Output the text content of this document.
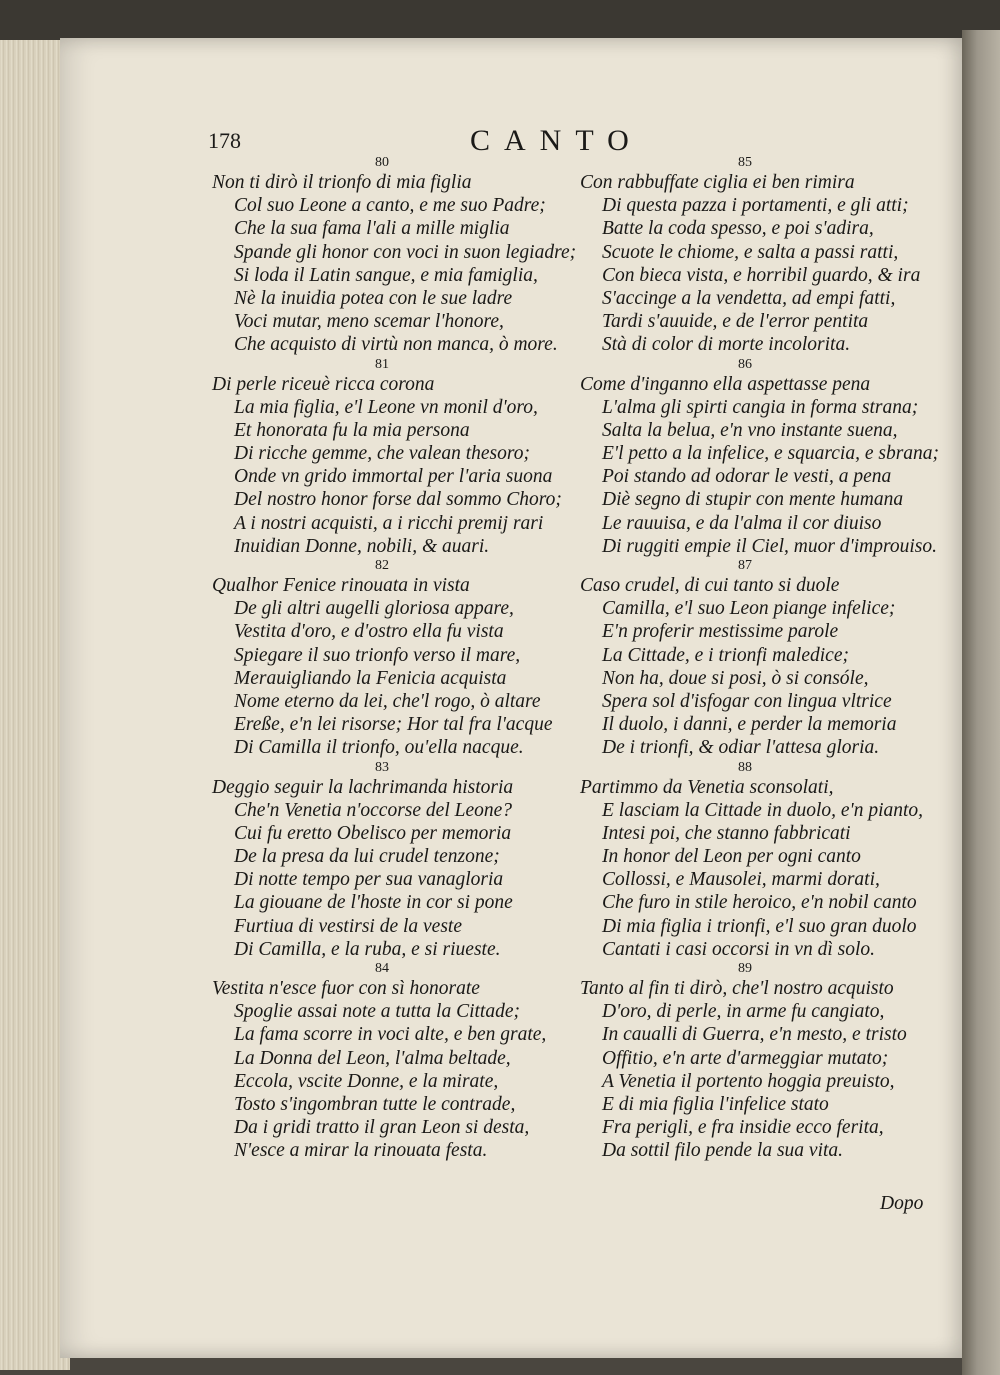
178	CANTO
80
Non ti dirò il trionfo di mia figlia
Col suo Leone a canto, e me suo Padre;
Che la sua fama l'ali a mille miglia
Spande gli honor con voci in suon legiadre;
Si loda il Latin sangue, e mia famiglia,
Nè la inuidia potea con le sue ladre
Voci mutar, meno scemar l'honore,
Che acquisto di virtù non manca, ò more.
81
Di perle riceuè ricca corona
La mia figlia, e'l Leone vn monil d'oro,
Et honorata fu la mia persona
Di ricche gemme, che valean thesoro;
Onde vn grido immortal per l'aria suona
Del nostro honor forse dal sommo Choro;
A i nostri acquisti, a i ricchi premij rari
Inuidian Donne, nobili, & auari.
82
Qualhor Fenice rinouata in vista
De gli altri augelli gloriosa appare,
Vestita d'oro, e d'ostro ella fu vista
Spiegare il suo trionfo verso il mare,
Merauigliando la Fenicia acquista
Nome eterno da lei, che'l rogo, ò altare
Ereße, e'n lei risorse; Hor tal fra l'acque
Di Camilla il trionfo, ou'ella nacque.
83
Deggio seguir la lachrimanda historia
Che'n Venetia n'occorse del Leone?
Cui fu eretto Obelisco per memoria
De la presa da lui crudel tenzone;
Di notte tempo per sua vanagloria
La giouane de l'hoste in cor si pone
Furtiua di vestirsi de la veste
Di Camilla, e la ruba, e si riueste.
84
Vestita n'esce fuor con sì honorate
Spoglie assai note a tutta la Cittade;
La fama scorre in voci alte, e ben grate,
La Donna del Leon, l'alma beltade,
Eccola, vscite Donne, e la mirate,
Tosto s'ingombran tutte le contrade,
Da i gridi tratto il gran Leon si desta,
N'esce a mirar la rinouata festa.
85
Con rabbuffate ciglia ei ben rimira
Di questa pazza i portamenti, e gli atti;
Batte la coda spesso, e poi s'adira,
Scuote le chiome, e salta a passi ratti,
Con bieca vista, e horribil guardo, & ira
S'accinge a la vendetta, ad empi fatti,
Tardi s'auuide, e de l'error pentita
Stà di color di morte incolorita.
86
Come d'inganno ella aspettasse pena
L'alma gli spirti cangia in forma strana;
Salta la belua, e'n vno instante suena,
E'l petto a la infelice, e squarcia, e sbrana;
Poi stando ad odorar le vesti, a pena
Diè segno di stupir con mente humana
Le rauuisa, e da l'alma il cor diuiso
Di ruggiti empie il Ciel, muor d'improuiso.
87
Caso crudel, di cui tanto si duole
Camilla, e'l suo Leon piange infelice;
E'n proferir mestissime parole
La Cittade, e i trionfi maledice;
Non ha, doue si posi, ò si consóle,
Spera sol d'isfogar con lingua vltrice
Il duolo, i danni, e perder la memoria
De i trionfi, & odiar l'attesa gloria.
88
Partimmo da Venetia sconsolati,
E lasciam la Cittade in duolo, e'n pianto,
Intesi poi, che stanno fabbricati
In honor del Leon per ogni canto
Collossi, e Mausolei, marmi dorati,
Che furo in stile heroico, e'n nobil canto
Di mia figlia i trionfi, e'l suo gran duolo
Cantati i casi occorsi in vn dì solo.
89
Tanto al fin ti dirò, che'l nostro acquisto
D'oro, di perle, in arme fu cangiato,
In caualli di Guerra, e'n mesto, e tristo
Offitio, e'n arte d'armeggiar mutato;
A Venetia il portento hoggia preuisto,
E di mia figlia l'infelice stato
Fra perigli, e fra insidie ecco ferita,
Da sottil filo pende la sua vita.
Dopo
